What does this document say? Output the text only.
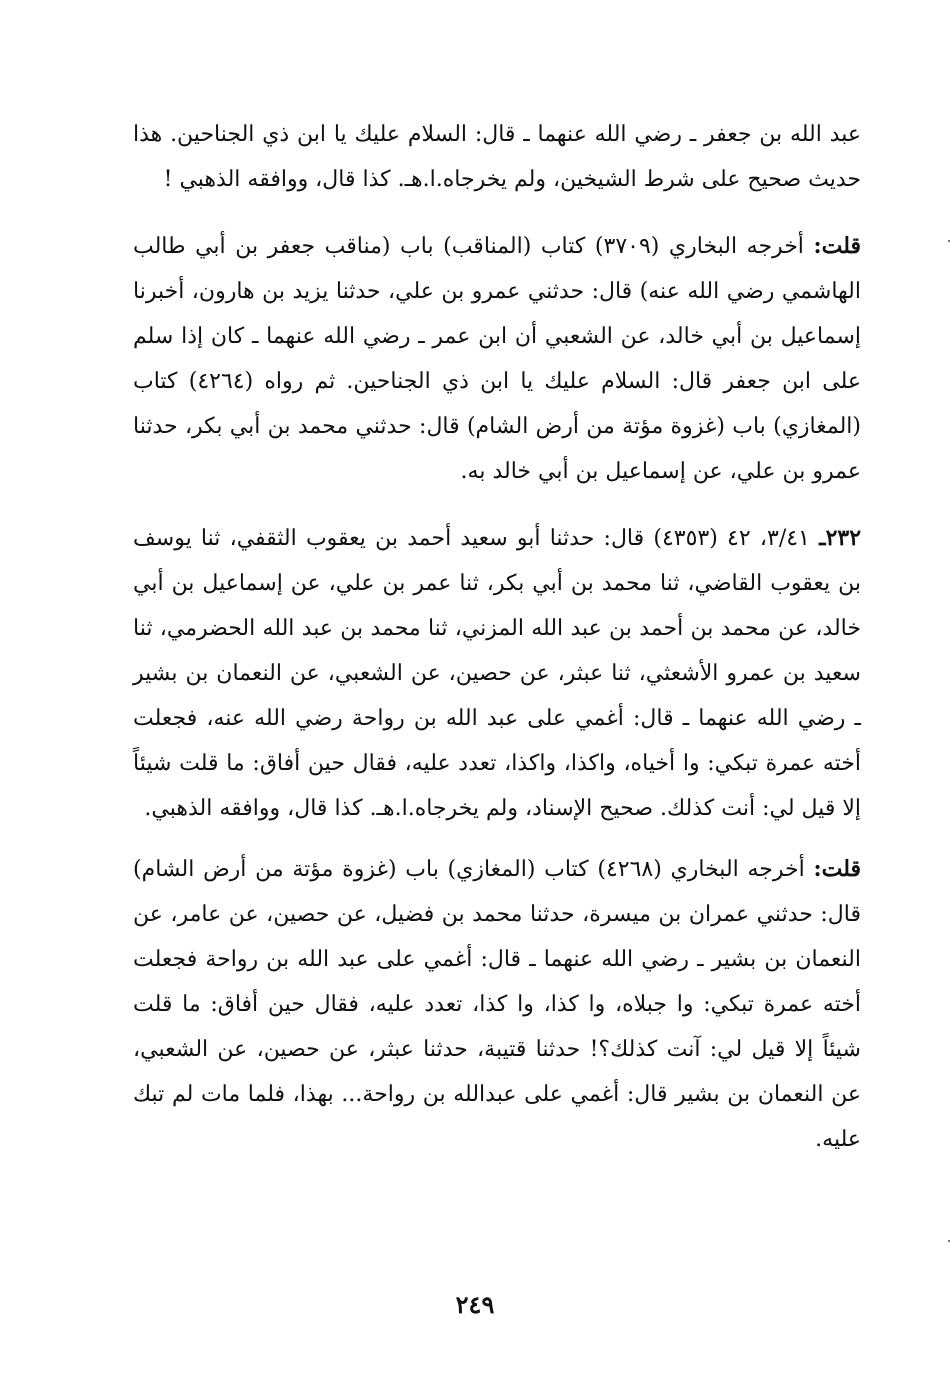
عبد الله بن جعفر ـ رضي الله عنهما ـ قال: السلام عليك يا ابن ذي الجناحين. هذا حديث صحيح على شرط الشيخين، ولم يخرجاه.ا.هـ. كذا قال، ووافقه الذهبي !

قلت: أخرجه البخاري (٣٧٠٩) كتاب (المناقب) باب (مناقب جعفر بن أبي طالب الهاشمي رضي الله عنه) قال: حدثني عمرو بن علي، حدثنا يزيد بن هارون، أخبرنا إسماعيل بن أبي خالد، عن الشعبي أن ابن عمر ـ رضي الله عنهما ـ كان إذا سلم على ابن جعفر قال: السلام عليك يا ابن ذي الجناحين. ثم رواه (٤٢٦٤) كتاب (المغازي) باب (غزوة مؤتة من أرض الشام) قال: حدثني محمد بن أبي بكر، حدثنا عمرو بن علي، عن إسماعيل بن أبي خالد به.

٢٣٢ـ ٣/٤١، ٤٢ (٤٣٥٣) قال: حدثنا أبو سعيد أحمد بن يعقوب الثقفي، ثنا يوسف بن يعقوب القاضي، ثنا محمد بن أبي بكر، ثنا عمر بن علي، عن إسماعيل بن أبي خالد، عن محمد بن أحمد بن عبد الله المزني، ثنا محمد بن عبد الله الحضرمي، ثنا سعيد بن عمرو الأشعثي، ثنا عبثر، عن حصين، عن الشعبي، عن النعمان بن بشير ـ رضي الله عنهما ـ قال: أغمي على عبد الله بن رواحة رضي الله عنه، فجعلت أخته عمرة تبكي: وا أخياه، واكذا، واكذا، تعدد عليه، فقال حين أفاق: ما قلت شيئاً إلا قيل لي: أنت كذلك. صحيح الإسناد، ولم يخرجاه.ا.هـ. كذا قال، ووافقه الذهبي.

قلت: أخرجه البخاري (٤٢٦٨) كتاب (المغازي) باب (غزوة مؤتة من أرض الشام) قال: حدثني عمران بن ميسرة، حدثنا محمد بن فضيل، عن حصين، عن عامر، عن النعمان بن بشير ـ رضي الله عنهما ـ قال: أغمي على عبد الله بن رواحة فجعلت أخته عمرة تبكي: وا جبلاه، وا كذا، وا كذا، تعدد عليه، فقال حين أفاق: ما قلت شيئاً إلا قيل لي: آنت كذلك؟! حدثنا قتيبة، حدثنا عبثر، عن حصين، عن الشعبي، عن النعمان بن بشير قال: أغمي على عبدالله بن رواحة... بهذا، فلما مات لم تبك عليه.

٢٤٩
